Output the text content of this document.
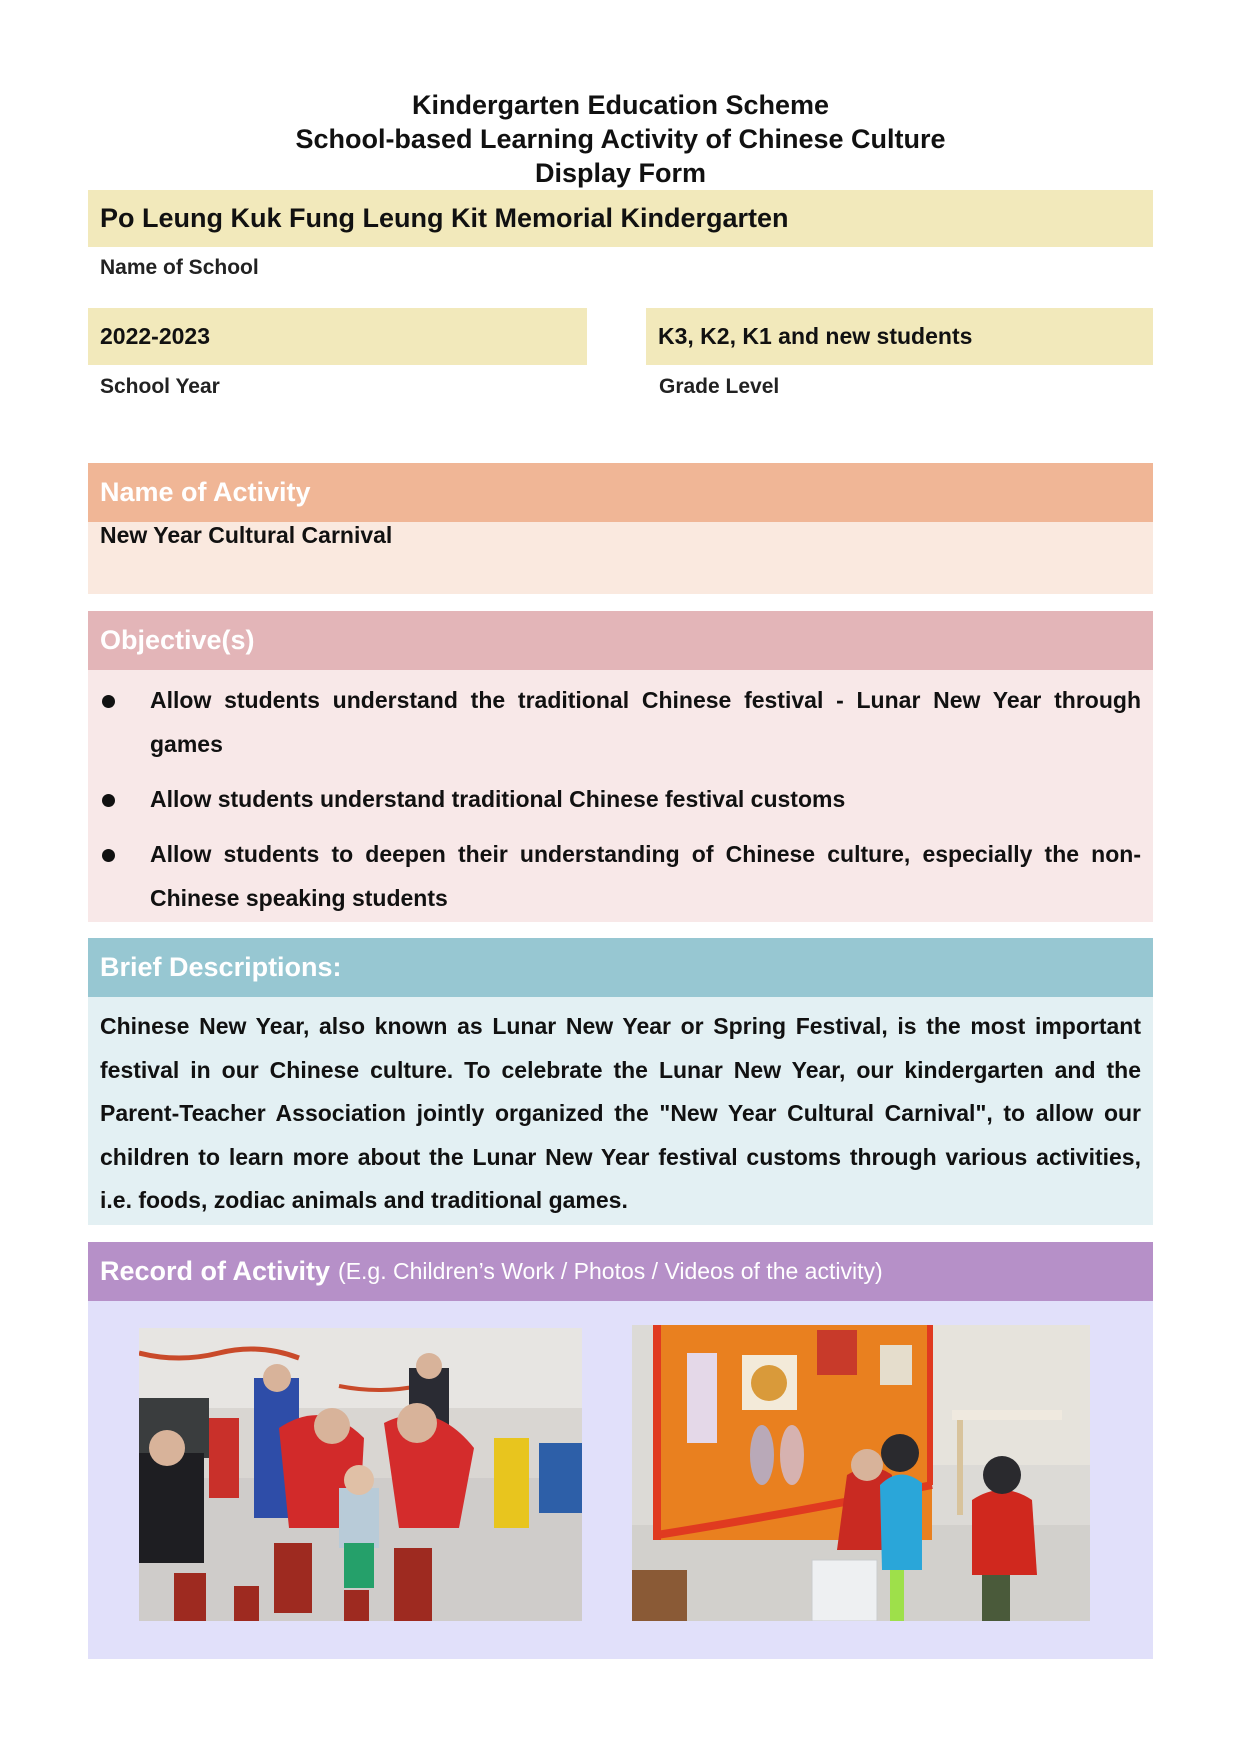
Kindergarten Education Scheme
School-based Learning Activity of Chinese Culture
Display Form
Po Leung Kuk Fung Leung Kit Memorial Kindergarten
Name of School
2022-2023
School Year
K3, K2, K1 and new students
Grade Level
Name of Activity
New Year Cultural Carnival
Objective(s)
Allow students understand the traditional Chinese festival - Lunar New Year through games
Allow students understand traditional Chinese festival customs
Allow students to deepen their understanding of Chinese culture, especially the non-Chinese speaking students
Brief Descriptions:

Chinese New Year, also known as Lunar New Year or Spring Festival, is the most important festival in our Chinese culture. To celebrate the Lunar New Year, our kindergarten and the Parent-Teacher Association jointly organized the "New Year Cultural Carnival", to allow our children to learn more about the Lunar New Year festival customs through various activities, i.e. foods, zodiac animals and traditional games.

Record of Activity (E.g. Children’s Work / Photos / Videos of the activity)
